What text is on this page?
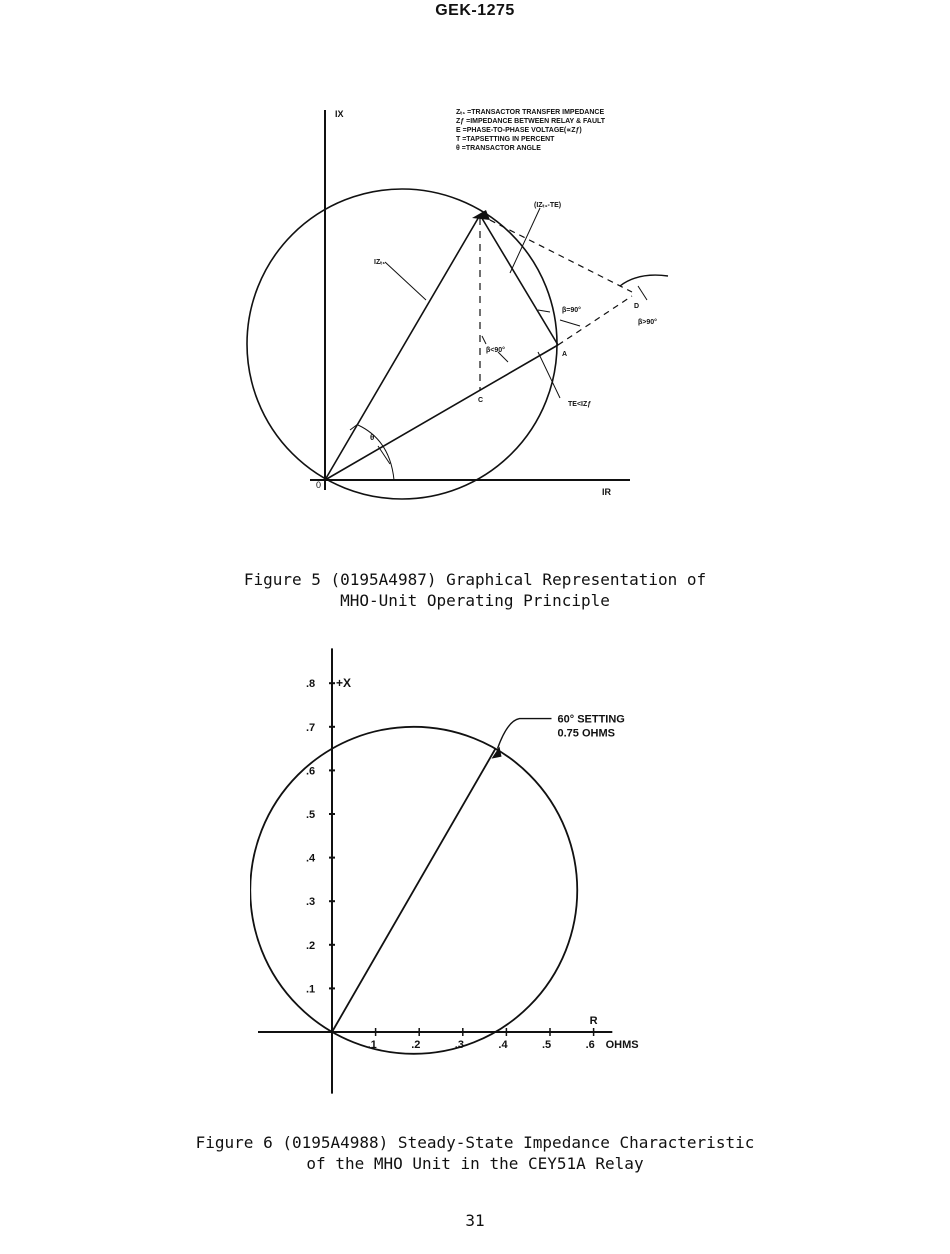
GEK-1275
IX
IR
0
Zₜ₁ =TRANSACTOR TRANSFER IMPEDANCE
Zƒ =IMPEDANCE BETWEEN RELAY & FAULT
E =PHASE-TO-PHASE VOLTAGE(∝Zƒ)
T =TAPSETTING IN PERCENT
θ =TRANSACTOR ANGLE
(IZₜ₁-TE)
IZₜ₁
β=90°
D
β>90°
β<90°
A
C
TE<IZƒ
θ
Figure 5 (0195A4987) Graphical Representation of
MHO-Unit Operating Principle
.1
.2
.3
.4
.5
.6
.7
.8
.1	.2	.3	.4	.5	.6
60° SETTING
0.75 OHMS
+X
R
OHMS
Figure 6 (0195A4988) Steady-State Impedance Characteristic
of the MHO Unit in the CEY51A Relay
31
